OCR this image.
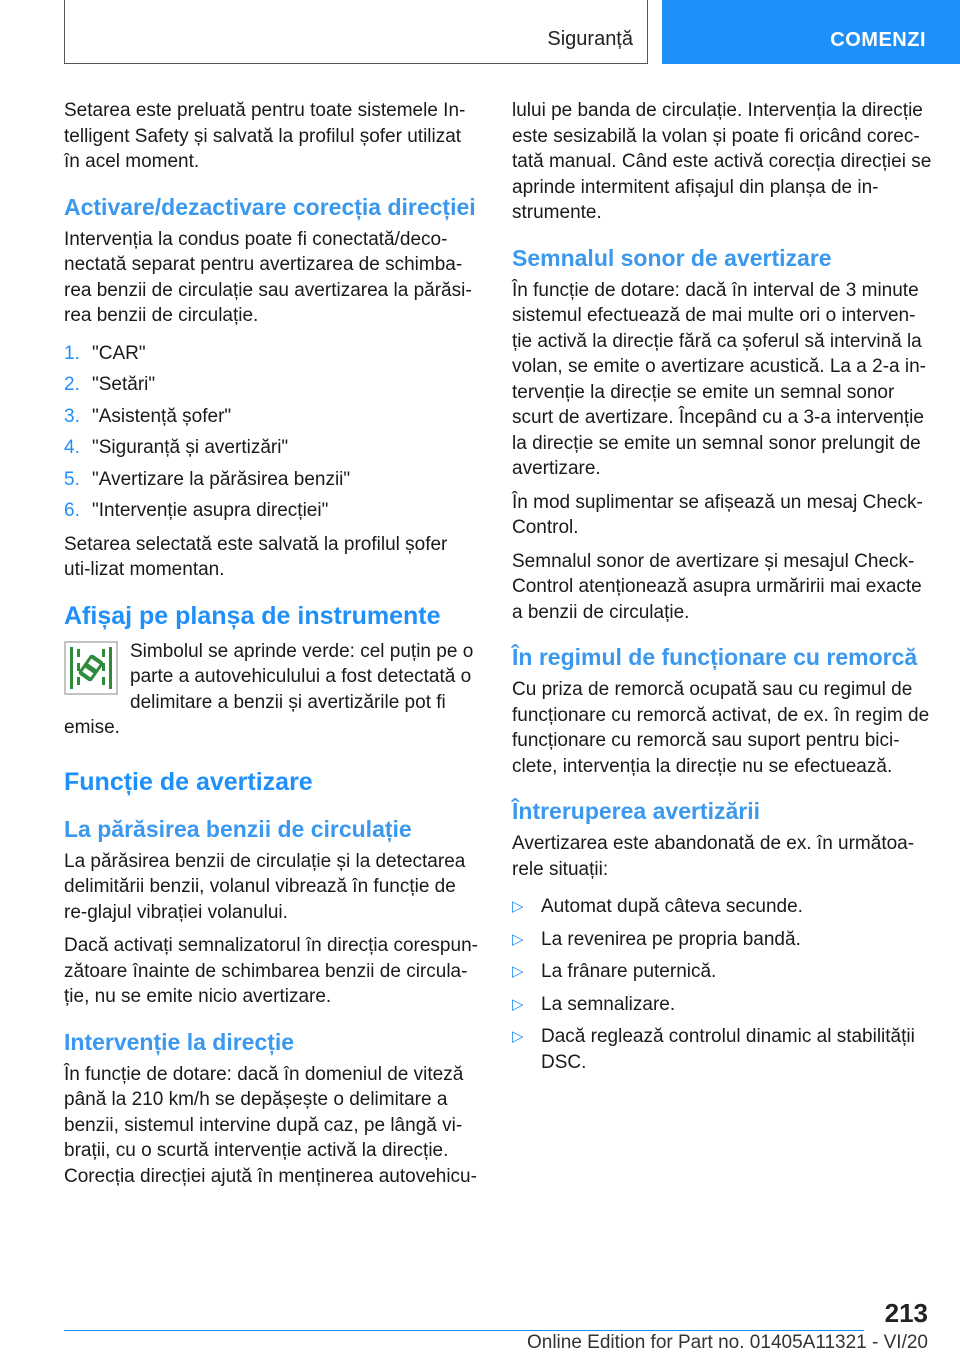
Siguranță	COMENZI

Setarea este preluată pentru toate sistemele In‐telligent Safety și salvată la profilul șofer utilizat în acel moment.

Activare/dezactivare corecția direcției

Intervenția la condus poate fi conectată/deco‐nectată separat pentru avertizarea de schimba‐rea benzii de circulație sau avertizarea la părăsi‐rea benzii de circulație.

1. "CAR"
2. "Setări"
3. "Asistență șofer"
4. "Siguranță și avertizări"
5. "Avertizare la părăsirea benzii"
6. "Intervenție asupra direcției"

Setarea selectată este salvată la profilul șofer uti‐lizat momentan.

Afișaj pe planșa de instrumente

Simbolul se aprinde verde: cel puțin pe o parte a autovehiculului a fost detectată o delimitare a benzii și avertizările pot fi emise.

Funcție de avertizare
La părăsirea benzii de circulație

La părăsirea benzii de circulație și la detectarea delimitării benzii, volanul vibrează în funcție de re‐glajul vibrației volanului.

Dacă activați semnalizatorul în direcția corespun‐zătoare înainte de schimbarea benzii de circula‐ție, nu se emite nicio avertizare.

Intervenție la direcție

În funcție de dotare: dacă în domeniul de viteză până la 210 km/h se depășește o delimitare a benzii, sistemul intervine după caz, pe lângă vi‐brații, cu o scurtă intervenție activă la direcție. Corecția direcției ajută în menținerea autovehicu‐

lului pe banda de circulație. Intervenția la direcție este sesizabilă la volan și poate fi oricând corec‐tată manual. Când este activă corecția direcției se aprinde intermitent afișajul din planșa de in‐strumente.

Semnalul sonor de avertizare

În funcție de dotare: dacă în interval de 3 minute sistemul efectuează de mai multe ori o interven‐ție activă la direcție fără ca șoferul să intervină la volan, se emite o avertizare acustică. La a 2-a in‐tervenție la direcție se emite un semnal sonor scurt de avertizare. Începând cu a 3-a intervenție la direcție se emite un semnal sonor prelungit de avertizare.

În mod suplimentar se afișează un mesaj Check-Control.

Semnalul sonor de avertizare și mesajul Check-Control atenționează asupra urmăririi mai exacte a benzii de circulație.

În regimul de funcționare cu remorcă

Cu priza de remorcă ocupată sau cu regimul de funcționare cu remorcă activat, de ex. în regim de funcționare cu remorcă sau suport pentru bici‐clete, intervenția la direcție nu se efectuează.

Întreruperea avertizării

Avertizarea este abandonată de ex. în următoa‐rele situații:

▷ Automat după câteva secunde.
▷ La revenirea pe propria bandă.
▷ La frânare puternică.
▷ La semnalizare.
▷ Dacă reglează controlul dinamic al stabilității DSC.
213
Online Edition for Part no. 01405A11321 - VI/20
